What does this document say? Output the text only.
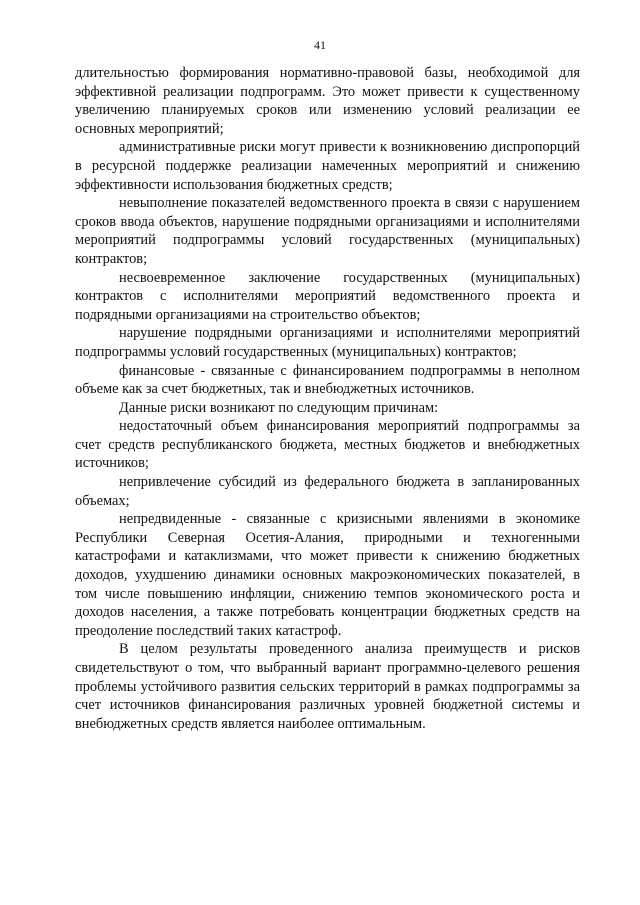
41

длительностью формирования нормативно-правовой базы, необходимой для эффективной реализации подпрограмм. Это может привести к существенному увеличению планируемых сроков или изменению условий реализации ее основных мероприятий;

административные риски могут привести к возникновению диспропорций в ресурсной поддержке реализации намеченных мероприятий и снижению эффективности использования бюджетных средств;

невыполнение показателей ведомственного проекта в связи с нарушением сроков ввода объектов, нарушение подрядными организациями и исполнителями мероприятий подпрограммы условий государственных (муниципальных) контрактов;

несвоевременное заключение государственных (муниципальных) контрактов с исполнителями мероприятий ведомственного проекта и подрядными организациями на строительство объектов;

нарушение подрядными организациями и исполнителями мероприятий подпрограммы условий государственных (муниципальных) контрактов;

финансовые - связанные с финансированием подпрограммы в неполном объеме как за счет бюджетных, так и внебюджетных источников.

Данные риски возникают по следующим причинам:

недостаточный объем финансирования мероприятий подпрограммы за счет средств республиканского бюджета, местных бюджетов и внебюджетных источников;

непривлечение субсидий из федерального бюджета в запланированных объемах;

непредвиденные - связанные с кризисными явлениями в экономике Республики Северная Осетия-Алания, природными и техногенными катастрофами и катаклизмами, что может привести к снижению бюджетных доходов, ухудшению динамики основных макроэкономических показателей, в том числе повышению инфляции, снижению темпов экономического роста и доходов населения, а также потребовать концентрации бюджетных средств на преодоление последствий таких катастроф.

В целом результаты проведенного анализа преимуществ и рисков свидетельствуют о том, что выбранный вариант программно-целевого решения проблемы устойчивого развития сельских территорий в рамках подпрограммы за счет источников финансирования различных уровней бюджетной системы и внебюджетных средств является наиболее оптимальным.
